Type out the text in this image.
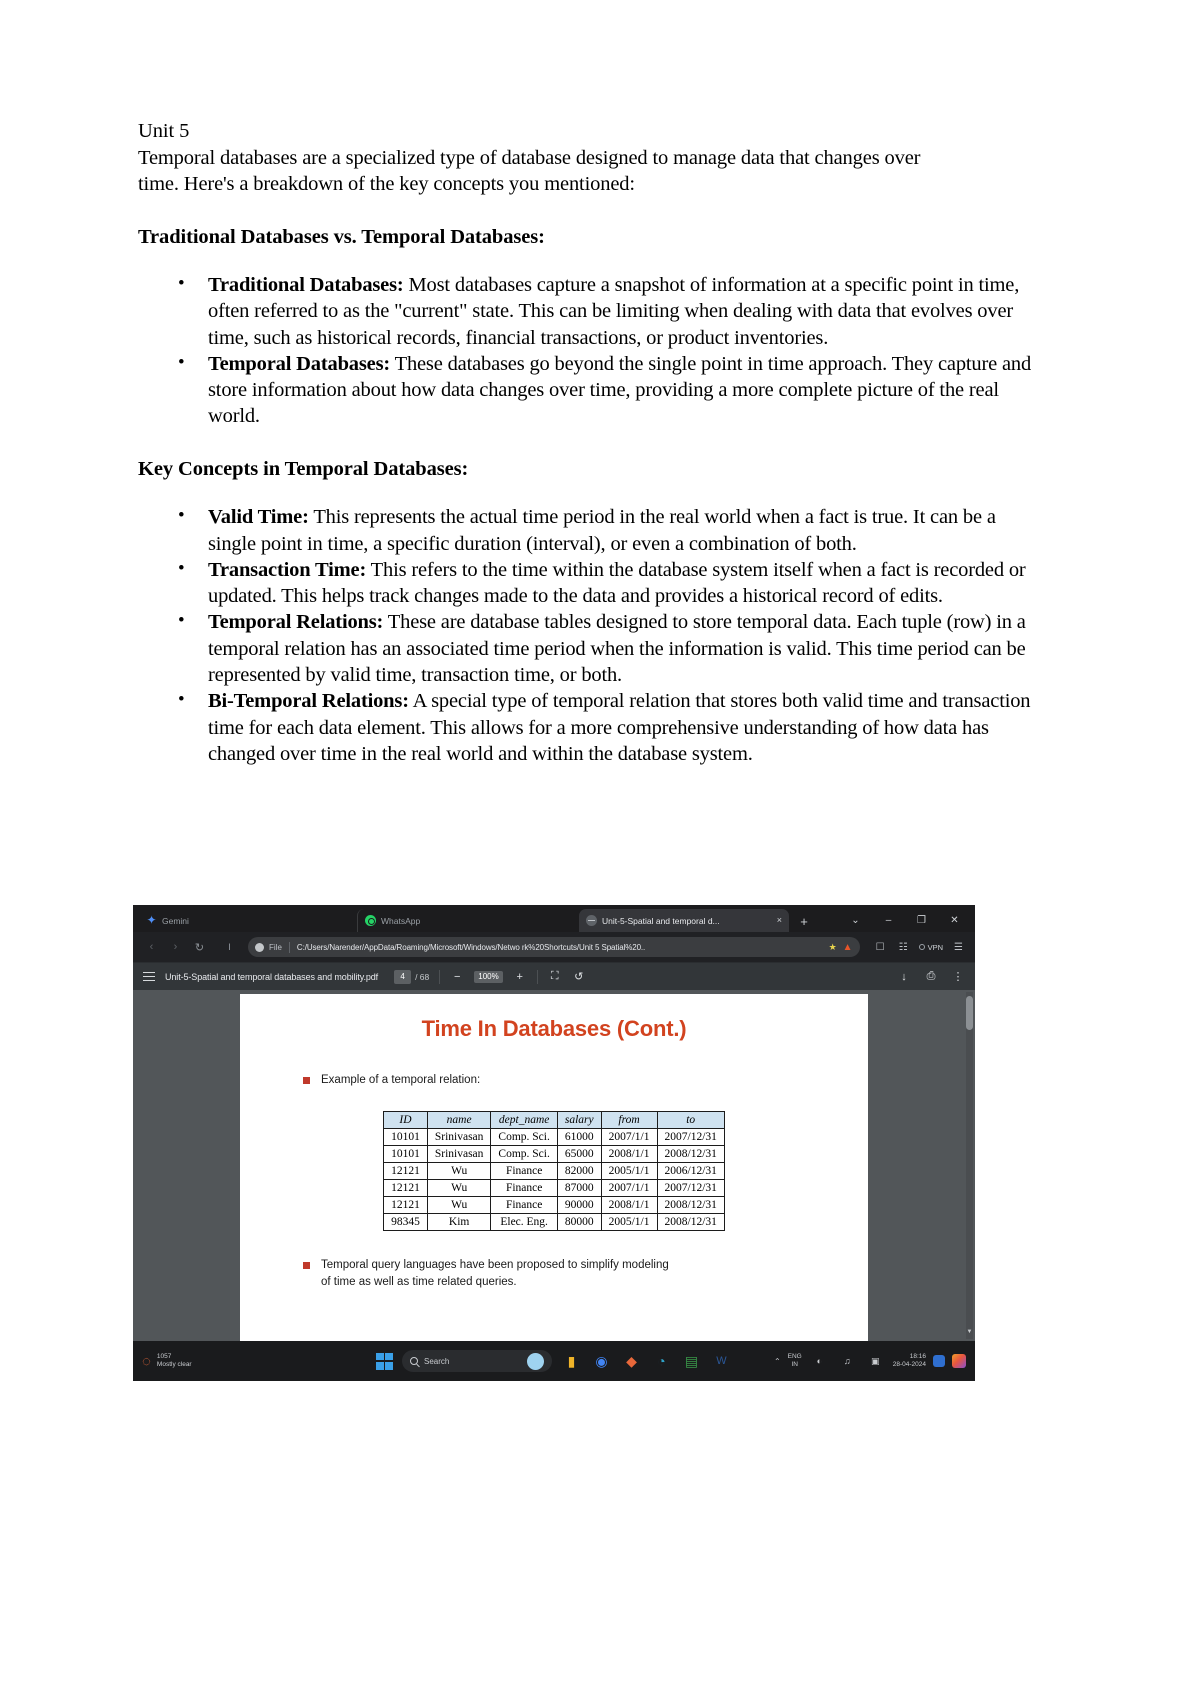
Unit 5

Temporal databases are a specialized type of database designed to manage data that changes over time. Here's a breakdown of the key concepts you mentioned:

Traditional Databases vs. Temporal Databases:
• Traditional Databases: Most databases capture a snapshot of information at a specific point in time, often referred to as the "current" state. This can be limiting when dealing with data that evolves over time, such as historical records, financial transactions, or product inventories.
• Temporal Databases: These databases go beyond the single point in time approach. They capture and store information about how data changes over time, providing a more complete picture of the real world.
Key Concepts in Temporal Databases:
• Valid Time: This represents the actual time period in the real world when a fact is true. It can be a single point in time, a specific duration (interval), or even a combination of both.
• Transaction Time: This refers to the time within the database system itself when a fact is recorded or updated. This helps track changes made to the data and provides a historical record of edits.
• Temporal Relations: These are database tables designed to store temporal data. Each tuple (row) in a temporal relation has an associated time period when the information is valid. This time period can be represented by valid time, transaction time, or both.
• Bi-Temporal Relations: A special type of temporal relation that stores both valid time and transaction time for each data element. This allows for a more comprehensive understanding of how data has changed over time in the real world and within the database system.
✦ Gemini	WhatsApp	Unit-5-Spatial and temporal d...	×	+	⌄	–	❐	✕
‹	›	↻	⏽	File C:/Users/Narender/AppData/Roaming/Microsoft/Windows/Netwo rk%20Shortcuts/Unit 5 Spatial%20..	★ ▲	☐	☷	VPN	☰
Unit-5-Spatial and temporal databases and mobility.pdf
4	/ 68	−	100%	+	⛶ ↺	↓	⎙ ⋮
Time In Databases (Cont.)
Example of a temporal relation:
ID	name	dept_name	salary	from	to
10101	Srinivasan	Comp. Sci.	61000	2007/1/1	2007/12/31
10101	Srinivasan	Comp. Sci.	65000	2008/1/1	2008/12/31
12121	Wu	Finance	82000	2005/1/1	2006/12/31
12121	Wu	Finance	87000	2007/1/1	2007/12/31
12121	Wu	Finance	90000	2008/1/1	2008/12/31
98345	Kim	Elec. Eng.	80000	2005/1/1	2008/12/31
Temporal query languages have been proposed to simplify modeling
of time as well as time related queries.
▼
◌ 1057
Mostly clear	Search	▮	◉	◆	◔	▤	W	⌃ ENG
IN	◐	♫	▣	18:16
28-04-2024
